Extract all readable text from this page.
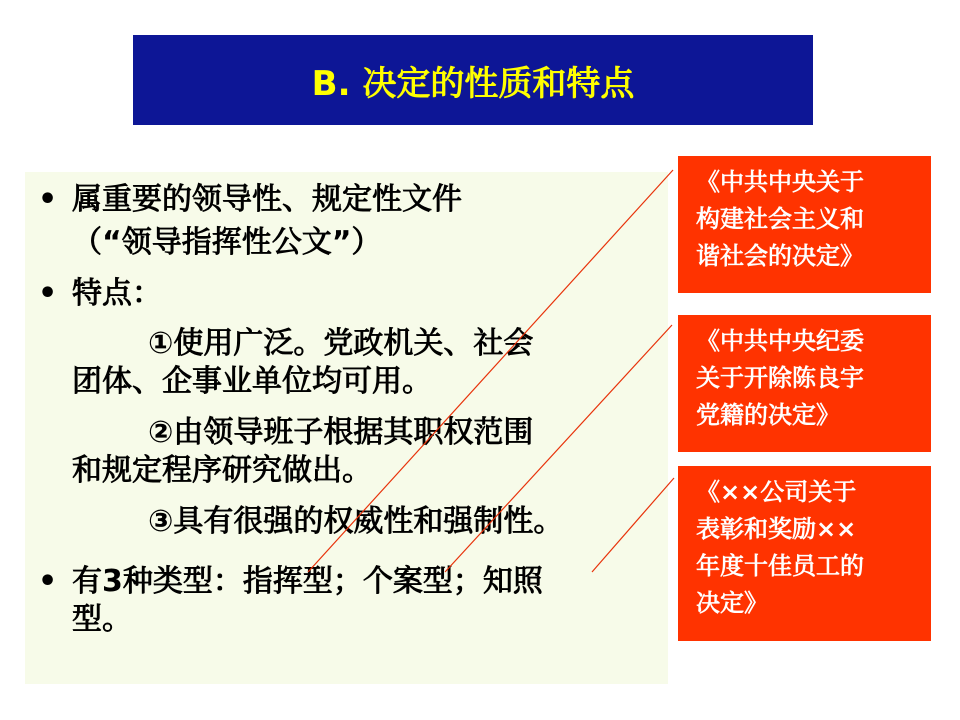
B. 决定的性质和特点
• 属重要的领导性、规定性文件
（“领导指挥性公文”）
• 特点：
①使用广泛。党政机关、社会
团体、企事业单位均可用。
②由领导班子根据其职权范围
和规定程序研究做出。
③具有很强的权威性和强制性。
• 有3种类型：指挥型；个案型；知照
型。
《中共中央关于
构建社会主义和
谐社会的决定》
《中共中央纪委
关于开除陈良宇
党籍的决定》
《××公司关于
表彰和奖励××
年度十佳员工的
决定》
